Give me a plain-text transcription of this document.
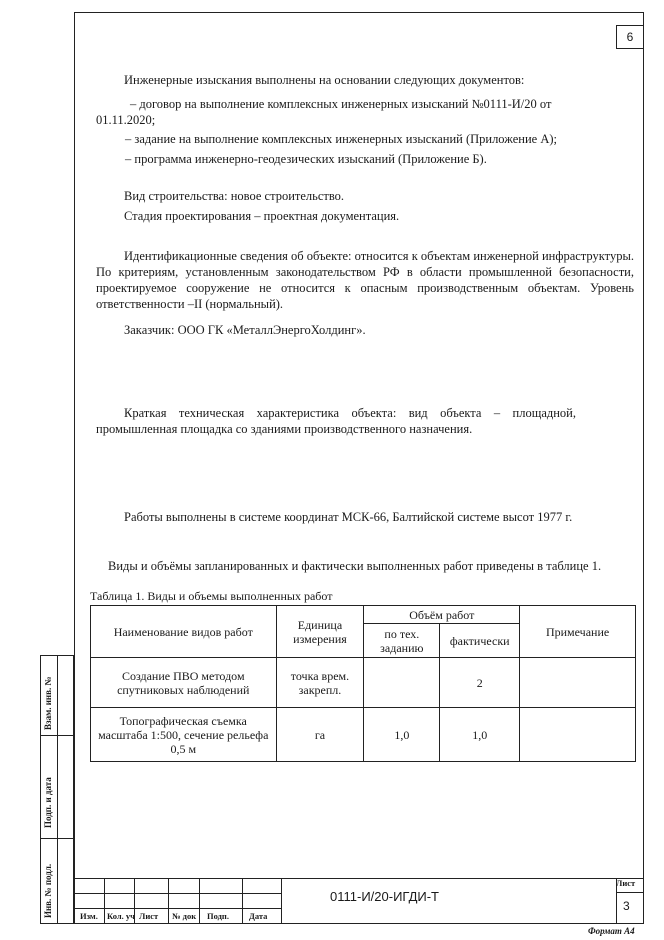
6
Инженерные изыскания выполнены на основании следующих документов:
– договор на выполнение комплексных инженерных изысканий №0111-И/20 от
01.11.2020;
– задание на выполнение комплексных инженерных изысканий (Приложение А);
– программа инженерно-геодезических изысканий (Приложение Б).
Вид строительства: новое строительство.
Стадия проектирования – проектная документация.
Идентификационные сведения об объекте: относится к объектам инженерной инфраструктуры. По критериям, установленным законодательством РФ в области промышленной безопасности, проектируемое сооружение не относится к опасным производственным объектам. Уровень ответственности –II (нормальный).
Заказчик: ООО ГК «МеталлЭнергоХолдинг».
Краткая техническая характеристика объекта: вид объекта – площадной, промышленная площадка со зданиями производственного назначения.
Работы выполнены в системе координат МСК-66, Балтийской системе высот 1977 г.
Виды и объёмы запланированных и фактически выполненных работ приведены в таблице 1.
Таблица 1. Виды и объемы выполненных работ
Наименование видов работ	Единица измерения	Объём работ		Примечание
		по тех. заданию	фактически	
Создание ПВО методом спутниковых наблюдений	точка врем. закрепл.		2	
Топографическая съемка масштаба 1:500, сечение рельефа 0,5 м	га	1,0	1,0	
Взам. инв. №
Подп. и дата
Инв. № подл.	Изм. Кол. уч Лист № док Подп. Дата
0111-И/20-ИГДИ-Т
Лист
3
Формат А4
